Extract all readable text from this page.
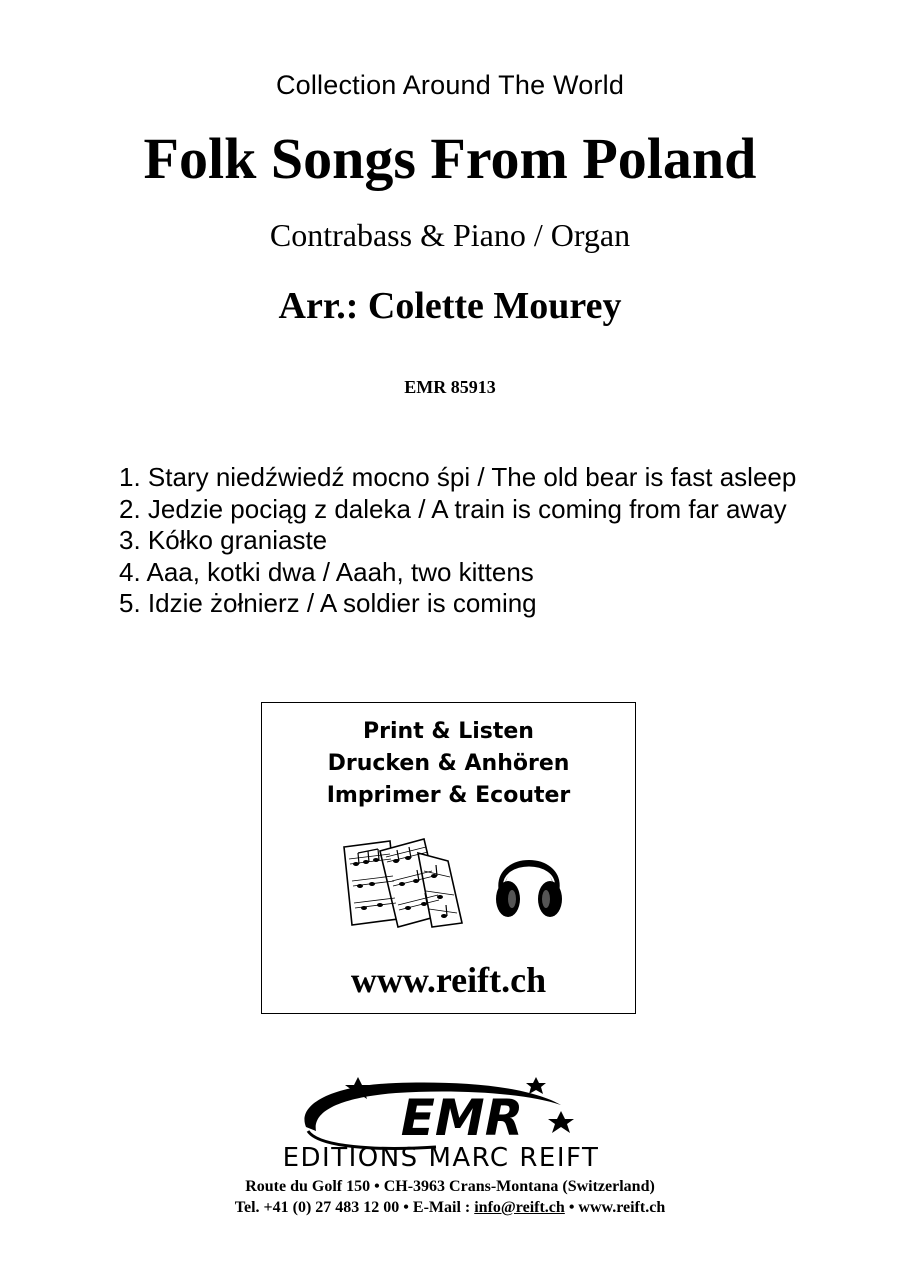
Collection Around The World
Folk Songs From Poland
Contrabass & Piano / Organ
Arr.: Colette Mourey
EMR 85913
1. Stary niedźwiedź mocno śpi / The old bear is fast asleep
2. Jedzie pociąg z daleka / A train is coming from far away
3. Kółko graniaste
4. Aaa, kotki dwa / Aaah, two kittens
5. Idzie żołnierz / A soldier is coming
Print & Listen
Drucken & Anhören
Imprimer & Ecouter
www.reift.ch
EMR
EDITIONS MARC REIFT
Route du Golf 150 • CH-3963 Crans-Montana (Switzerland)
Tel. +41 (0) 27 483 12 00 • E-Mail : info@reift.ch • www.reift.ch
